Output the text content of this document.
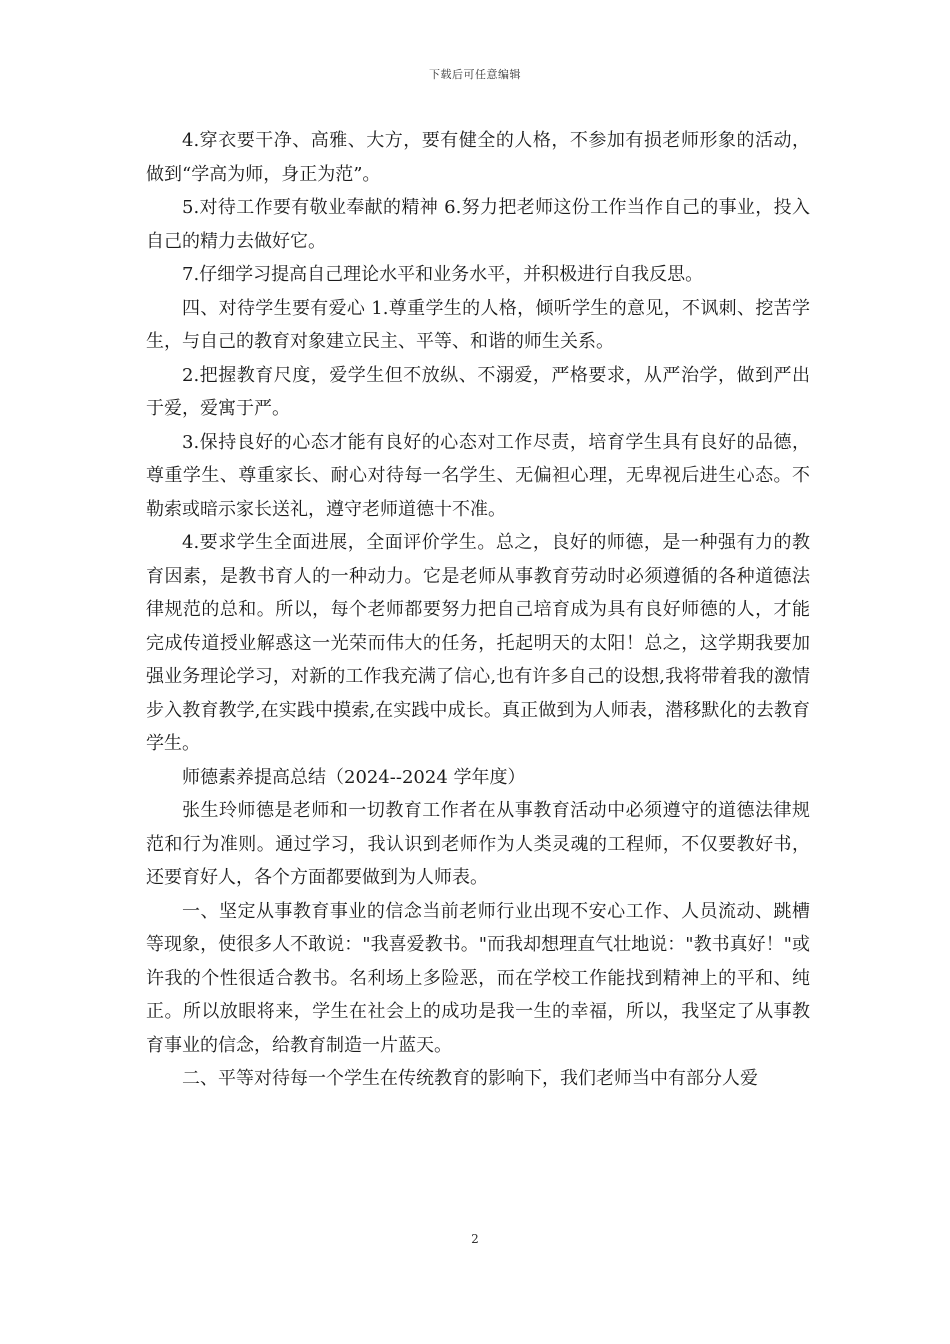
下载后可任意编辑

4.穿衣要干净、高雅、大方，要有健全的人格，不参加有损老师形象的活动，做到“学高为师，身正为范”。

5.对待工作要有敬业奉献的精神 6.努力把老师这份工作当作自己的事业，投入自己的精力去做好它。

7.仔细学习提高自己理论水平和业务水平，并积极进行自我反思。

四、对待学生要有爱心 1.尊重学生的人格，倾听学生的意见，不讽刺、挖苦学生，与自己的教育对象建立民主、平等、和谐的师生关系。

2.把握教育尺度，爱学生但不放纵、不溺爱，严格要求，从严治学，做到严出于爱，爱寓于严。

3.保持良好的心态才能有良好的心态对工作尽责，培育学生具有良好的品德，尊重学生、尊重家长、耐心对待每一名学生、无偏袒心理，无卑视后进生心态。不勒索或暗示家长送礼，遵守老师道德十不准。

4.要求学生全面进展，全面评价学生。总之，良好的师德，是一种强有力的教育因素，是教书育人的一种动力。它是老师从事教育劳动时必须遵循的各种道德法律规范的总和。所以，每个老师都要努力把自己培育成为具有良好师德的人，才能完成传道授业解惑这一光荣而伟大的任务，托起明天的太阳！总之，这学期我要加强业务理论学习，对新的工作我充满了信心,也有许多自己的设想,我将带着我的激情步入教育教学,在实践中摸索,在实践中成长。真正做到为人师表，潜移默化的去教育学生。

师德素养提高总结（2024--2024 学年度）

张生玲师德是老师和一切教育工作者在从事教育活动中必须遵守的道德法律规范和行为准则。通过学习，我认识到老师作为人类灵魂的工程师，不仅要教好书，还要育好人，各个方面都要做到为人师表。

一、坚定从事教育事业的信念当前老师行业出现不安心工作、人员流动、跳槽等现象，使很多人不敢说："我喜爱教书。"而我却想理直气壮地说："教书真好！"或许我的个性很适合教书。名利场上多险恶，而在学校工作能找到精神上的平和、纯正。所以放眼将来，学生在社会上的成功是我一生的幸福，所以，我坚定了从事教育事业的信念，给教育制造一片蓝天。

二、平等对待每一个学生在传统教育的影响下，我们老师当中有部分人爱

2
